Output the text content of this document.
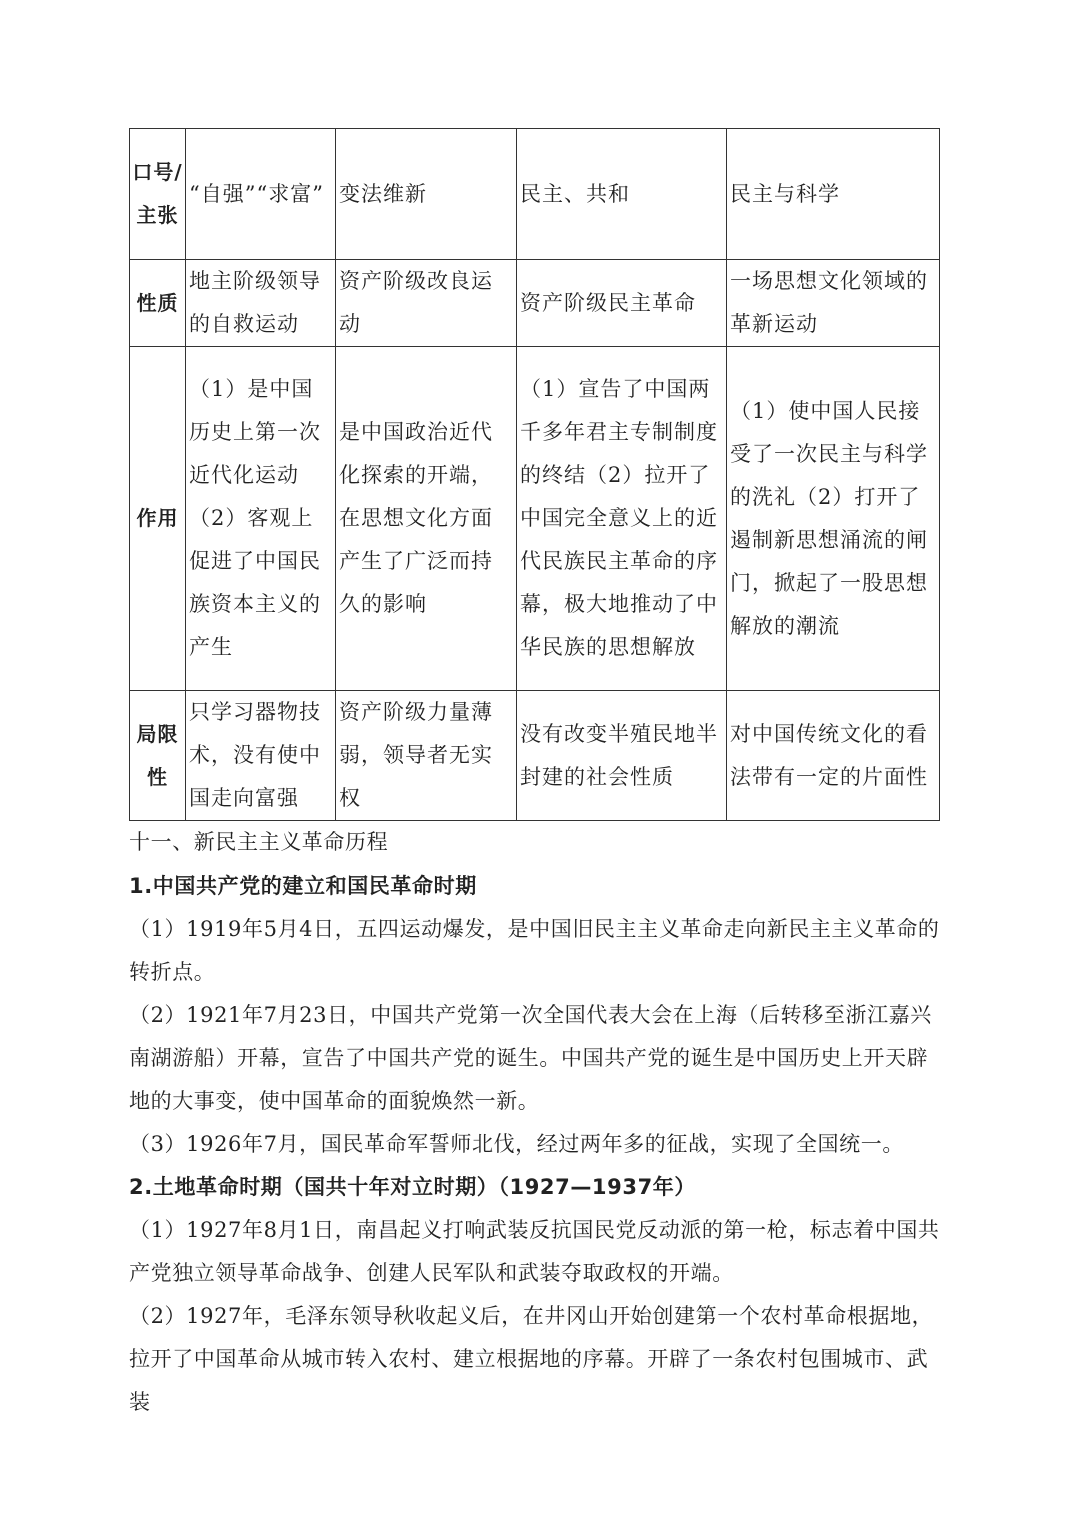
口号/主张	“自强”“求富”	变法维新	民主、共和	民主与科学
性质	地主阶级领导的自救运动	资产阶级改良运动	资产阶级民主革命	一场思想文化领域的革新运动
作用	（1）是中国历史上第一次近代化运动（2）客观上促进了中国民族资本主义的产生	是中国政治近代化探索的开端，在思想文化方面产生了广泛而持久的影响	（1）宣告了中国两千多年君主专制制度的终结（2）拉开了中国完全意义上的近代民族民主革命的序幕，极大地推动了中华民族的思想解放	（1）使中国人民接受了一次民主与科学的洗礼（2）打开了遏制新思想涌流的闸门，掀起了一股思想解放的潮流
局限性	只学习器物技术，没有使中国走向富强	资产阶级力量薄弱，领导者无实权	没有改变半殖民地半封建的社会性质	对中国传统文化的看法带有一定的片面性
十一、新民主主义革命历程
1.中国共产党的建立和国民革命时期
（1）1919年5月4日，五四运动爆发，是中国旧民主主义革命走向新民主主义革命的转折点。
（2）1921年7月23日，中国共产党第一次全国代表大会在上海（后转移至浙江嘉兴南湖游船）开幕，宣告了中国共产党的诞生。中国共产党的诞生是中国历史上开天辟地的大事变，使中国革命的面貌焕然一新。
（3）1926年7月，国民革命军誓师北伐，经过两年多的征战，实现了全国统一。
2.土地革命时期（国共十年对立时期）（1927—1937年）
（1）1927年8月1日，南昌起义打响武装反抗国民党反动派的第一枪，标志着中国共产党独立领导革命战争、创建人民军队和武装夺取政权的开端。
（2）1927年，毛泽东领导秋收起义后，在井冈山开始创建第一个农村革命根据地，拉开了中国革命从城市转入农村、建立根据地的序幕。开辟了一条农村包围城市、武装
